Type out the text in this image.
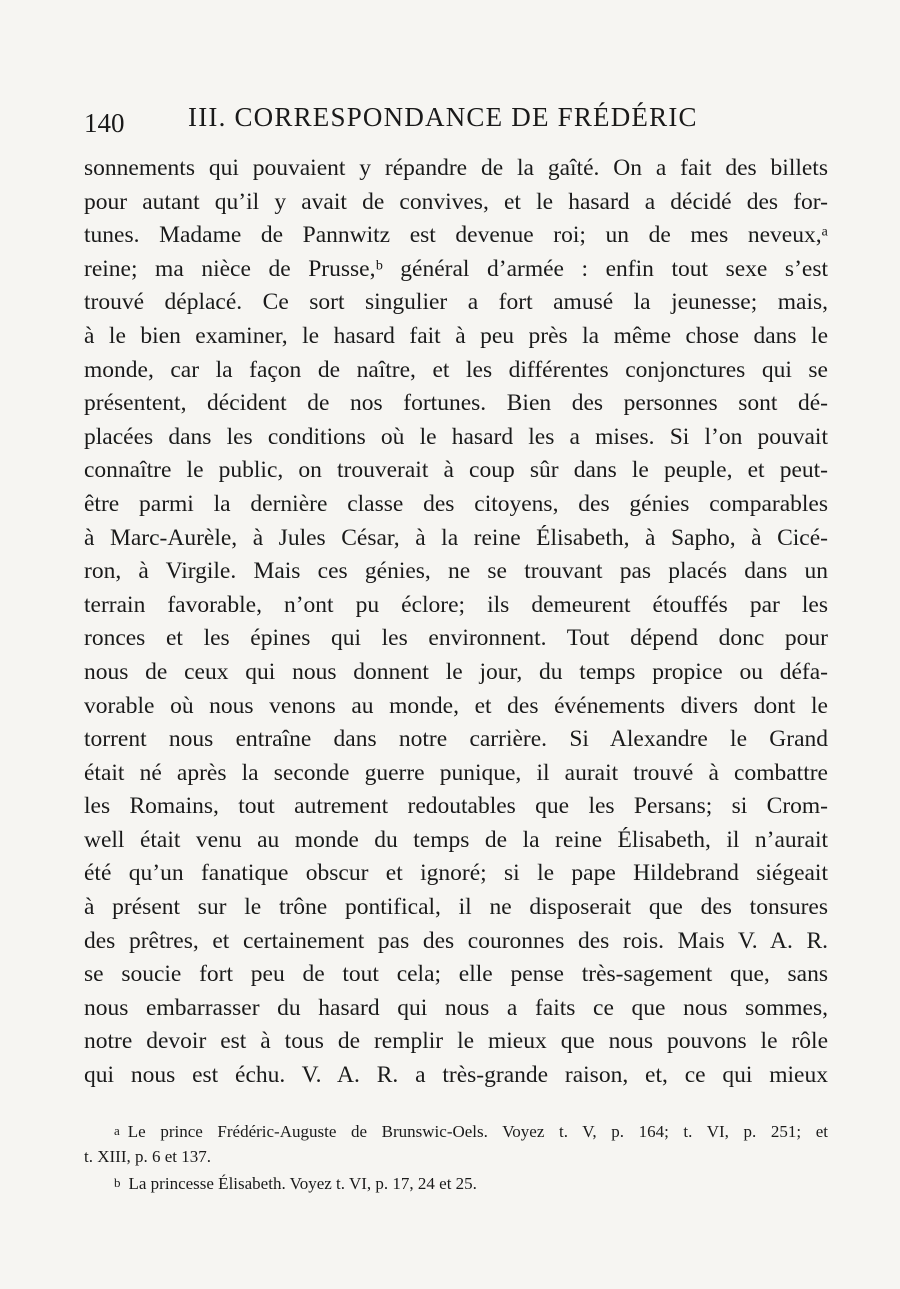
140 III. CORRESPONDANCE DE FRÉDÉRIC
sonnements qui pouvaient y répandre de la gaîté. On a fait des billets
pour autant qu’il y avait de convives, et le hasard a décidé des for-
tunes. Madame de Pannwitz est devenue roi; un de mes neveux,ᵃ
reine; ma nièce de Prusse,ᵇ général d’armée : enfin tout sexe s’est
trouvé déplacé. Ce sort singulier a fort amusé la jeunesse; mais,
à le bien examiner, le hasard fait à peu près la même chose dans le
monde, car la façon de naître, et les différentes conjonctures qui se
présentent, décident de nos fortunes. Bien des personnes sont dé-
placées dans les conditions où le hasard les a mises. Si l’on pouvait
connaître le public, on trouverait à coup sûr dans le peuple, et peut-
être parmi la dernière classe des citoyens, des génies comparables
à Marc-Aurèle, à Jules César, à la reine Élisabeth, à Sapho, à Cicé-
ron, à Virgile. Mais ces génies, ne se trouvant pas placés dans un
terrain favorable, n’ont pu éclore; ils demeurent étouffés par les
ronces et les épines qui les environnent. Tout dépend donc pour
nous de ceux qui nous donnent le jour, du temps propice ou défa-
vorable où nous venons au monde, et des événements divers dont le
torrent nous entraîne dans notre carrière. Si Alexandre le Grand
était né après la seconde guerre punique, il aurait trouvé à combattre
les Romains, tout autrement redoutables que les Persans; si Crom-
well était venu au monde du temps de la reine Élisabeth, il n’aurait
été qu’un fanatique obscur et ignoré; si le pape Hildebrand siégeait
à présent sur le trône pontifical, il ne disposerait que des tonsures
des prêtres, et certainement pas des couronnes des rois. Mais V. A. R.
se soucie fort peu de tout cela; elle pense très-sagement que, sans
nous embarrasser du hasard qui nous a faits ce que nous sommes,
notre devoir est à tous de remplir le mieux que nous pouvons le rôle
qui nous est échu. V. A. R. a très-grande raison, et, ce qui mieux
a Le prince Frédéric-Auguste de Brunswic-Oels. Voyez t. V, p. 164; t. VI, p. 251; et
t. XIII, p. 6 et 137.
b La princesse Élisabeth. Voyez t. VI, p. 17, 24 et 25.
